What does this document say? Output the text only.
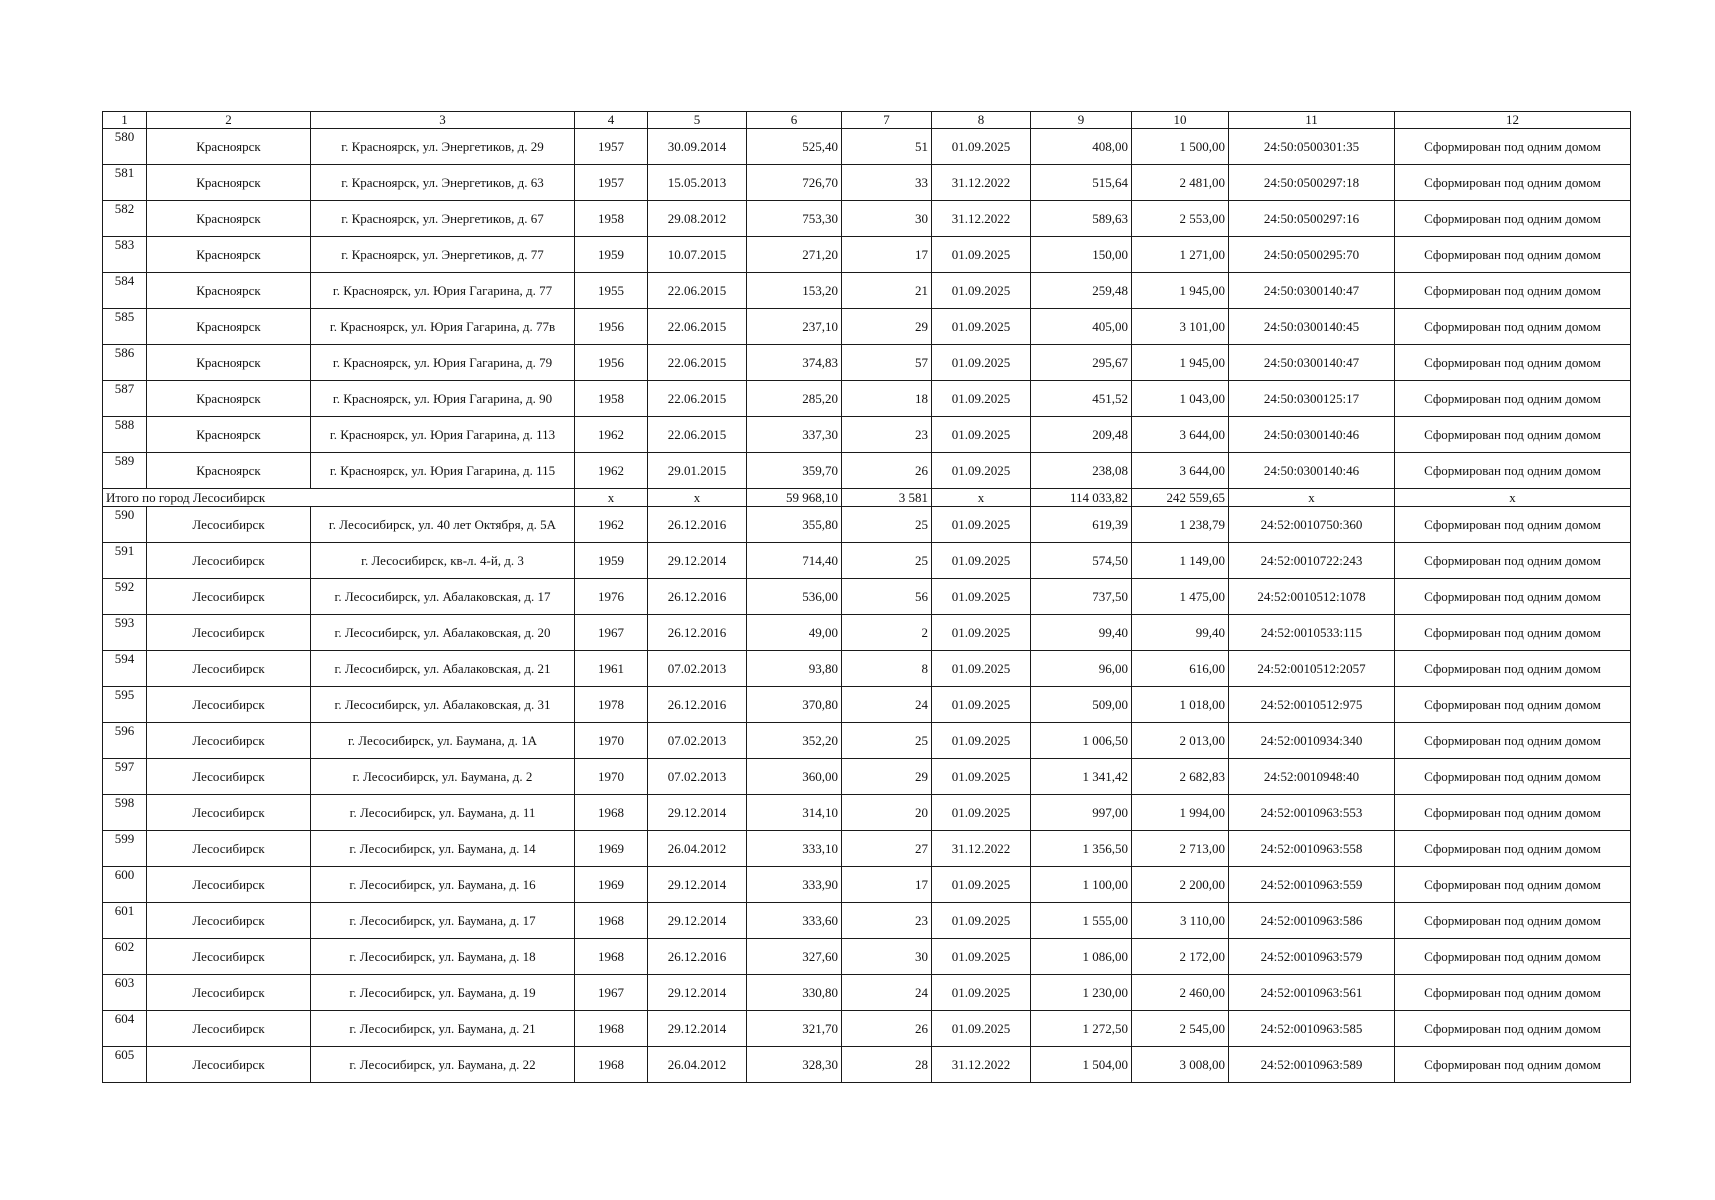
1	2	3	4	5	6	7	8	9	10	11	12
580	Красноярск	г. Красноярск, ул. Энергетиков, д. 29	1957	30.09.2014	525,40	51	01.09.2025	408,00	1 500,00	24:50:0500301:35	Сформирован под одним домом
581	Красноярск	г. Красноярск, ул. Энергетиков, д. 63	1957	15.05.2013	726,70	33	31.12.2022	515,64	2 481,00	24:50:0500297:18	Сформирован под одним домом
582	Красноярск	г. Красноярск, ул. Энергетиков, д. 67	1958	29.08.2012	753,30	30	31.12.2022	589,63	2 553,00	24:50:0500297:16	Сформирован под одним домом
583	Красноярск	г. Красноярск, ул. Энергетиков, д. 77	1959	10.07.2015	271,20	17	01.09.2025	150,00	1 271,00	24:50:0500295:70	Сформирован под одним домом
584	Красноярск	г. Красноярск, ул. Юрия Гагарина, д. 77	1955	22.06.2015	153,20	21	01.09.2025	259,48	1 945,00	24:50:0300140:47	Сформирован под одним домом
585	Красноярск	г. Красноярск, ул. Юрия Гагарина, д. 77в	1956	22.06.2015	237,10	29	01.09.2025	405,00	3 101,00	24:50:0300140:45	Сформирован под одним домом
586	Красноярск	г. Красноярск, ул. Юрия Гагарина, д. 79	1956	22.06.2015	374,83	57	01.09.2025	295,67	1 945,00	24:50:0300140:47	Сформирован под одним домом
587	Красноярск	г. Красноярск, ул. Юрия Гагарина, д. 90	1958	22.06.2015	285,20	18	01.09.2025	451,52	1 043,00	24:50:0300125:17	Сформирован под одним домом
588	Красноярск	г. Красноярск, ул. Юрия Гагарина, д. 113	1962	22.06.2015	337,30	23	01.09.2025	209,48	3 644,00	24:50:0300140:46	Сформирован под одним домом
589	Красноярск	г. Красноярск, ул. Юрия Гагарина, д. 115	1962	29.01.2015	359,70	26	01.09.2025	238,08	3 644,00	24:50:0300140:46	Сформирован под одним домом
Итого по город Лесосибирск			x	x	59 968,10	3 581	x	114 033,82	242 559,65	x	x
590	Лесосибирск	г. Лесосибирск, ул. 40 лет Октября, д. 5А	1962	26.12.2016	355,80	25	01.09.2025	619,39	1 238,79	24:52:0010750:360	Сформирован под одним домом
591	Лесосибирск	г. Лесосибирск, кв-л. 4-й, д. 3	1959	29.12.2014	714,40	25	01.09.2025	574,50	1 149,00	24:52:0010722:243	Сформирован под одним домом
592	Лесосибирск	г. Лесосибирск, ул. Абалаковская, д. 17	1976	26.12.2016	536,00	56	01.09.2025	737,50	1 475,00	24:52:0010512:1078	Сформирован под одним домом
593	Лесосибирск	г. Лесосибирск, ул. Абалаковская, д. 20	1967	26.12.2016	49,00	2	01.09.2025	99,40	99,40	24:52:0010533:115	Сформирован под одним домом
594	Лесосибирск	г. Лесосибирск, ул. Абалаковская, д. 21	1961	07.02.2013	93,80	8	01.09.2025	96,00	616,00	24:52:0010512:2057	Сформирован под одним домом
595	Лесосибирск	г. Лесосибирск, ул. Абалаковская, д. 31	1978	26.12.2016	370,80	24	01.09.2025	509,00	1 018,00	24:52:0010512:975	Сформирован под одним домом
596	Лесосибирск	г. Лесосибирск, ул. Баумана, д. 1А	1970	07.02.2013	352,20	25	01.09.2025	1 006,50	2 013,00	24:52:0010934:340	Сформирован под одним домом
597	Лесосибирск	г. Лесосибирск, ул. Баумана, д. 2	1970	07.02.2013	360,00	29	01.09.2025	1 341,42	2 682,83	24:52:0010948:40	Сформирован под одним домом
598	Лесосибирск	г. Лесосибирск, ул. Баумана, д. 11	1968	29.12.2014	314,10	20	01.09.2025	997,00	1 994,00	24:52:0010963:553	Сформирован под одним домом
599	Лесосибирск	г. Лесосибирск, ул. Баумана, д. 14	1969	26.04.2012	333,10	27	31.12.2022	1 356,50	2 713,00	24:52:0010963:558	Сформирован под одним домом
600	Лесосибирск	г. Лесосибирск, ул. Баумана, д. 16	1969	29.12.2014	333,90	17	01.09.2025	1 100,00	2 200,00	24:52:0010963:559	Сформирован под одним домом
601	Лесосибирск	г. Лесосибирск, ул. Баумана, д. 17	1968	29.12.2014	333,60	23	01.09.2025	1 555,00	3 110,00	24:52:0010963:586	Сформирован под одним домом
602	Лесосибирск	г. Лесосибирск, ул. Баумана, д. 18	1968	26.12.2016	327,60	30	01.09.2025	1 086,00	2 172,00	24:52:0010963:579	Сформирован под одним домом
603	Лесосибирск	г. Лесосибирск, ул. Баумана, д. 19	1967	29.12.2014	330,80	24	01.09.2025	1 230,00	2 460,00	24:52:0010963:561	Сформирован под одним домом
604	Лесосибирск	г. Лесосибирск, ул. Баумана, д. 21	1968	29.12.2014	321,70	26	01.09.2025	1 272,50	2 545,00	24:52:0010963:585	Сформирован под одним домом
605	Лесосибирск	г. Лесосибирск, ул. Баумана, д. 22	1968	26.04.2012	328,30	28	31.12.2022	1 504,00	3 008,00	24:52:0010963:589	Сформирован под одним домом
